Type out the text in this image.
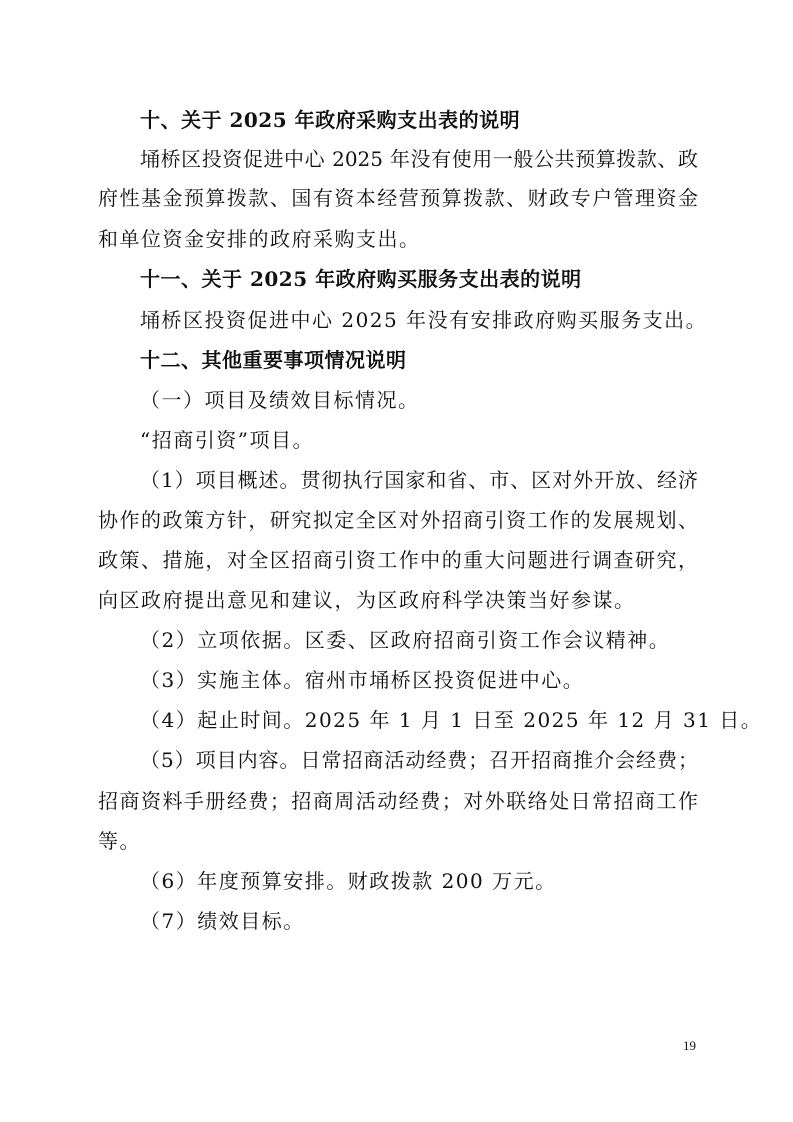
十、关于 2025 年政府采购支出表的说明
埇桥区投资促进中心 2025 年没有使用一般公共预算拨款、政
府性基金预算拨款、国有资本经营预算拨款、财政专户管理资金
和单位资金安排的政府采购支出。
十一、关于 2025 年政府购买服务支出表的说明
埇桥区投资促进中心 2025 年没有安排政府购买服务支出。
十二、其他重要事项情况说明
（一）项目及绩效目标情况。
“招商引资”项目。
（1）项目概述。贯彻执行国家和省、市、区对外开放、经济
协作的政策方针，研究拟定全区对外招商引资工作的发展规划、
政策、措施，对全区招商引资工作中的重大问题进行调查研究，
向区政府提出意见和建议，为区政府科学决策当好参谋。
（2）立项依据。区委、区政府招商引资工作会议精神。
（3）实施主体。宿州市埇桥区投资促进中心。
（4）起止时间。2025 年 1 月 1 日至 2025 年 12 月 31 日。
（5）项目内容。日常招商活动经费；召开招商推介会经费；
招商资料手册经费；招商周活动经费；对外联络处日常招商工作
等。
（6）年度预算安排。财政拨款 200 万元。
（7）绩效目标。
19
